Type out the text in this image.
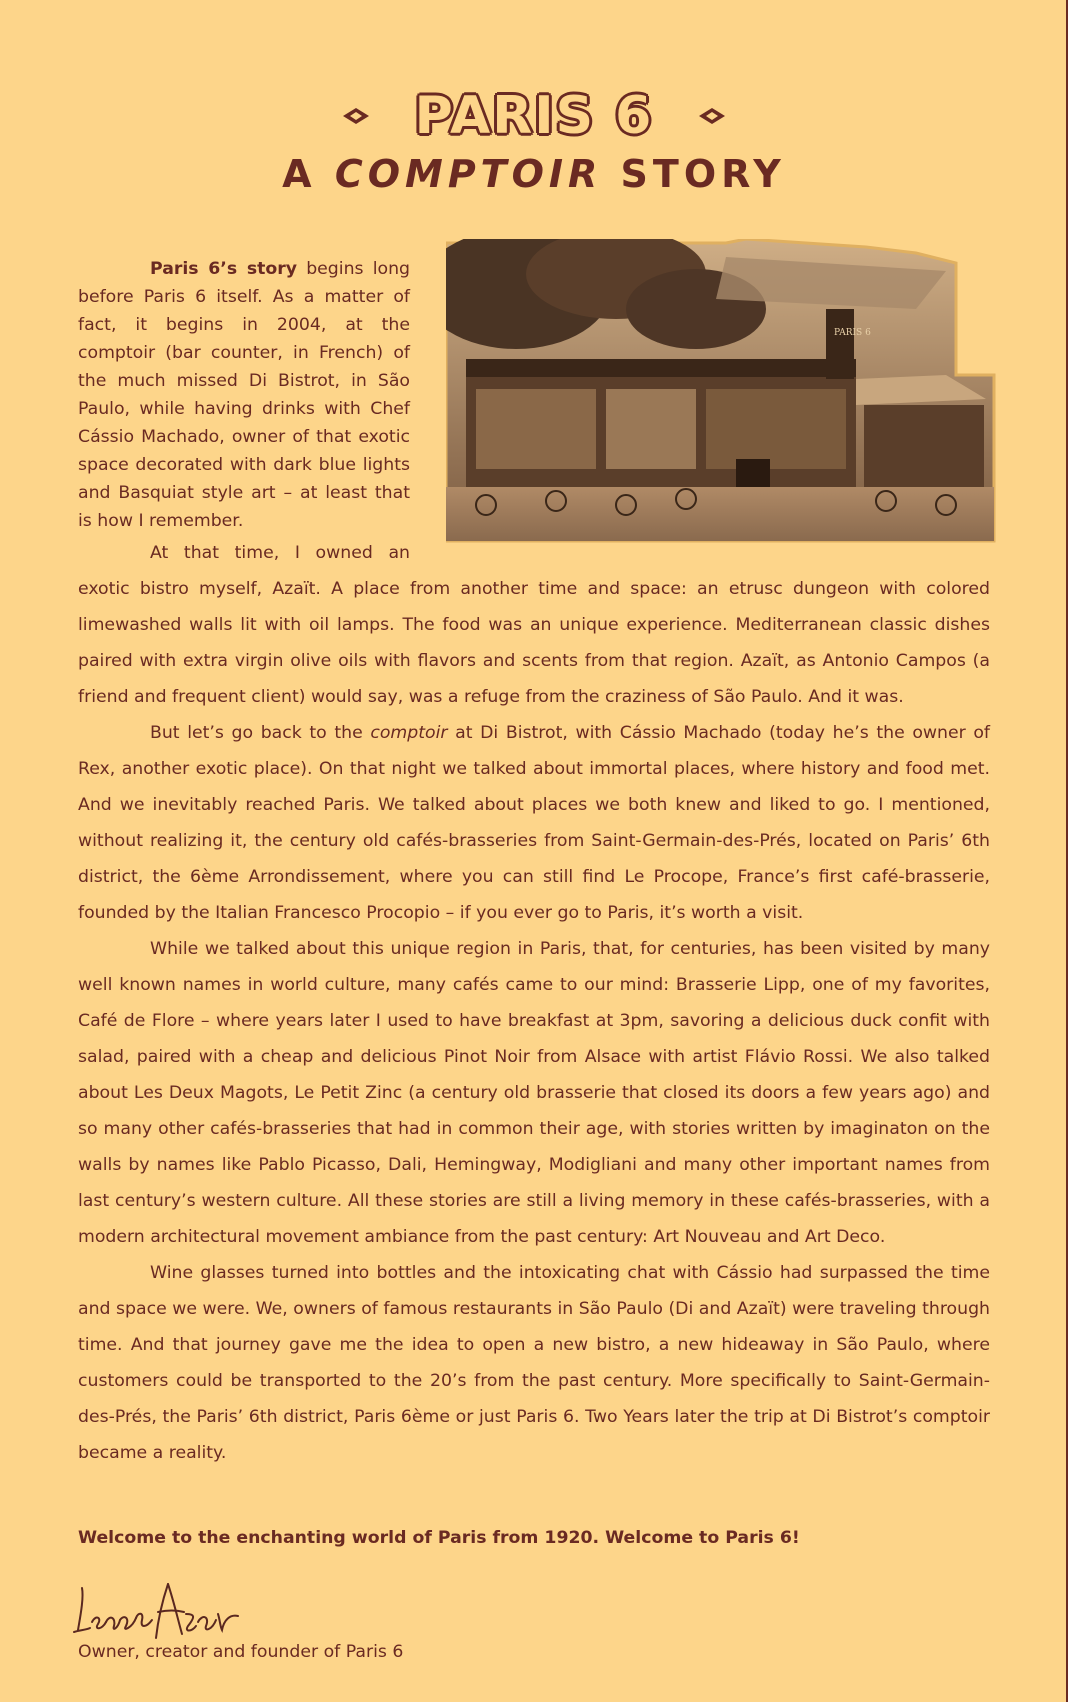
PARIS 6
A COMPTOIR STORY
PARIS 6

Paris 6’s story begins long before Paris 6 itself. As a matter of fact, it begins in 2004, at the comptoir (bar counter, in French) of the much missed Di Bistrot, in São Paulo, while having drinks with Chef Cássio Machado, owner of that exotic space decorated with dark blue lights and Basquiat style art – at least that is how I remember.

At that time, I owned an exotic bistro myself, Azaït. A place from another time and space: an etrusc dungeon with colored limewashed walls lit with oil lamps. The food was an unique experience. Mediterranean classic dishes paired with extra virgin olive oils with flavors and scents from that region. Azaït, as Antonio Campos (a friend and frequent client) would say, was a refuge from the craziness of São Paulo. And it was.

But let’s go back to the comptoir at Di Bistrot, with Cássio Machado (today he’s the owner of Rex, another exotic place). On that night we talked about immortal places, where history and food met. And we inevitably reached Paris. We talked about places we both knew and liked to go. I mentioned, without realizing it, the century old cafés-brasseries from Saint-Germain-des-Prés, located on Paris’ 6th district, the 6ème Arrondissement, where you can still find Le Procope, France’s first café-brasserie, founded by the Italian Francesco Procopio – if you ever go to Paris, it’s worth a visit.

While we talked about this unique region in Paris, that, for centuries, has been visited by many well known names in world culture, many cafés came to our mind: Brasserie Lipp, one of my favorites, Café de Flore – where years later I used to have breakfast at 3pm, savoring a delicious duck confit with salad, paired with a cheap and delicious Pinot Noir from Alsace with artist Flávio Rossi. We also talked about Les Deux Magots, Le Petit Zinc (a century old brasserie that closed its doors a few years ago) and so many other cafés-brasseries that had in common their age, with stories written by imaginaton on the walls by names like Pablo Picasso, Dali, Hemingway, Modigliani and many other important names from last century’s western culture. All these stories are still a living memory in these cafés-brasseries, with a modern architectural movement ambiance from the past century: Art Nouveau and Art Deco.

Wine glasses turned into bottles and the intoxicating chat with Cássio had surpassed the time and space we were. We, owners of famous restaurants in São Paulo (Di and Azaït) were traveling through time. And that journey gave me the idea to open a new bistro, a new hideaway in São Paulo, where customers could be transported to the 20’s from the past century. More specifically to Saint-Germain-des-Prés, the Paris’ 6th district, Paris 6ème or just Paris 6. Two Years later the trip at Di Bistrot’s comptoir became a reality.

Welcome to the enchanting world of Paris from 1920. Welcome to Paris 6!
Owner, creator and founder of Paris 6
